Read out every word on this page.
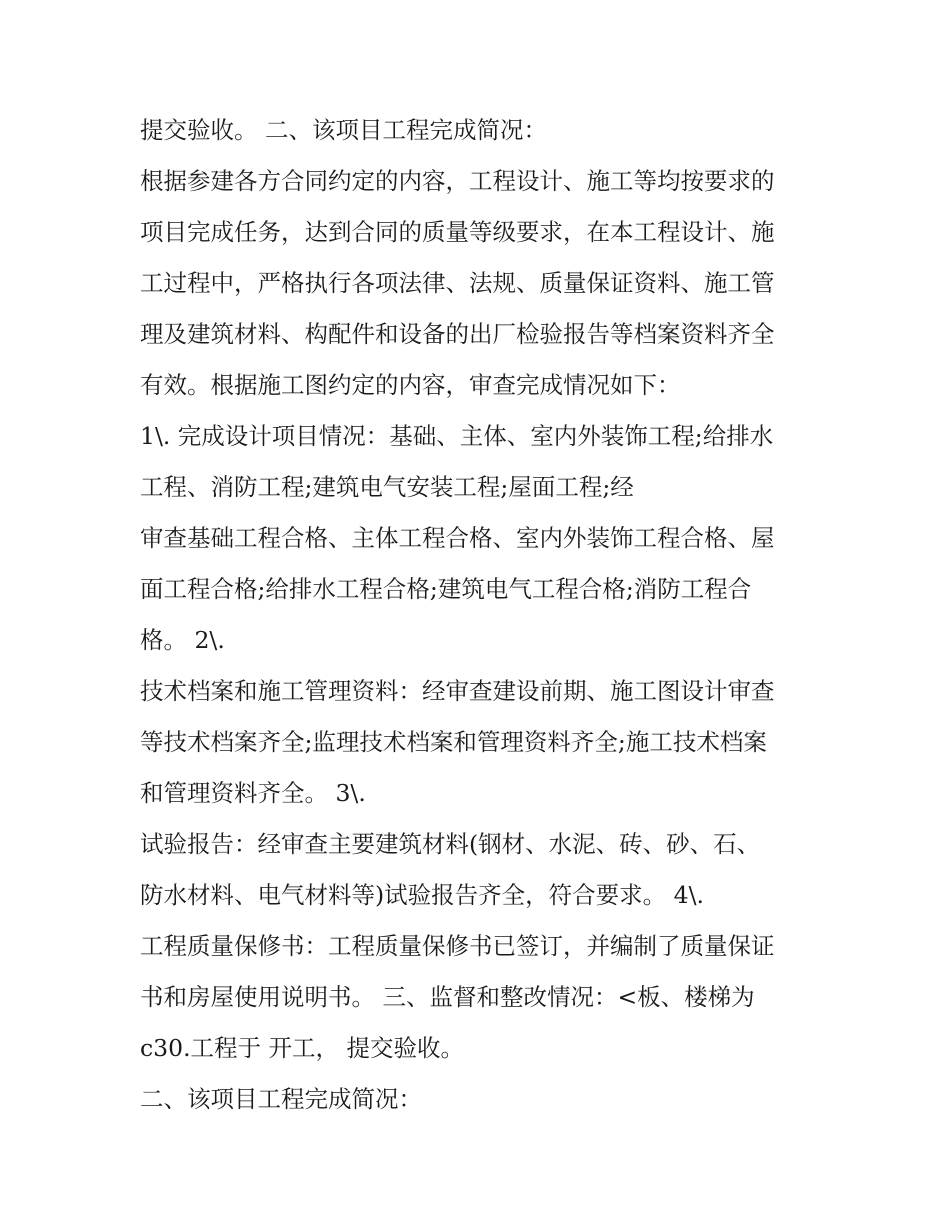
提交验收。 二、该项目工程完成简况：
根据参建各方合同约定的内容，工程设计、施工等均按要求的
项目完成任务，达到合同的质量等级要求，在本工程设计、施
工过程中，严格执行各项法律、法规、质量保证资料、施工管
理及建筑材料、构配件和设备的出厂检验报告等档案资料齐全
有效。根据施工图约定的内容，审查完成情况如下：
1\. 完成设计项目情况：基础、主体、室内外装饰工程;给排水
工程、消防工程;建筑电气安装工程;屋面工程;经
审查基础工程合格、主体工程合格、室内外装饰工程合格、屋
面工程合格;给排水工程合格;建筑电气工程合格;消防工程合
格。 2\.
技术档案和施工管理资料：经审查建设前期、施工图设计审查
等技术档案齐全;监理技术档案和管理资料齐全;施工技术档案
和管理资料齐全。 3\.
试验报告：经审查主要建筑材料(钢材、水泥、砖、砂、石、
防水材料、电气材料等)试验报告齐全，符合要求。 4\.
工程质量保修书：工程质量保修书已签订，并编制了质量保证
书和房屋使用说明书。 三、监督和整改情况：<板、楼梯为
c30.工程于 开工， 提交验收。
二、该项目工程完成简况：
